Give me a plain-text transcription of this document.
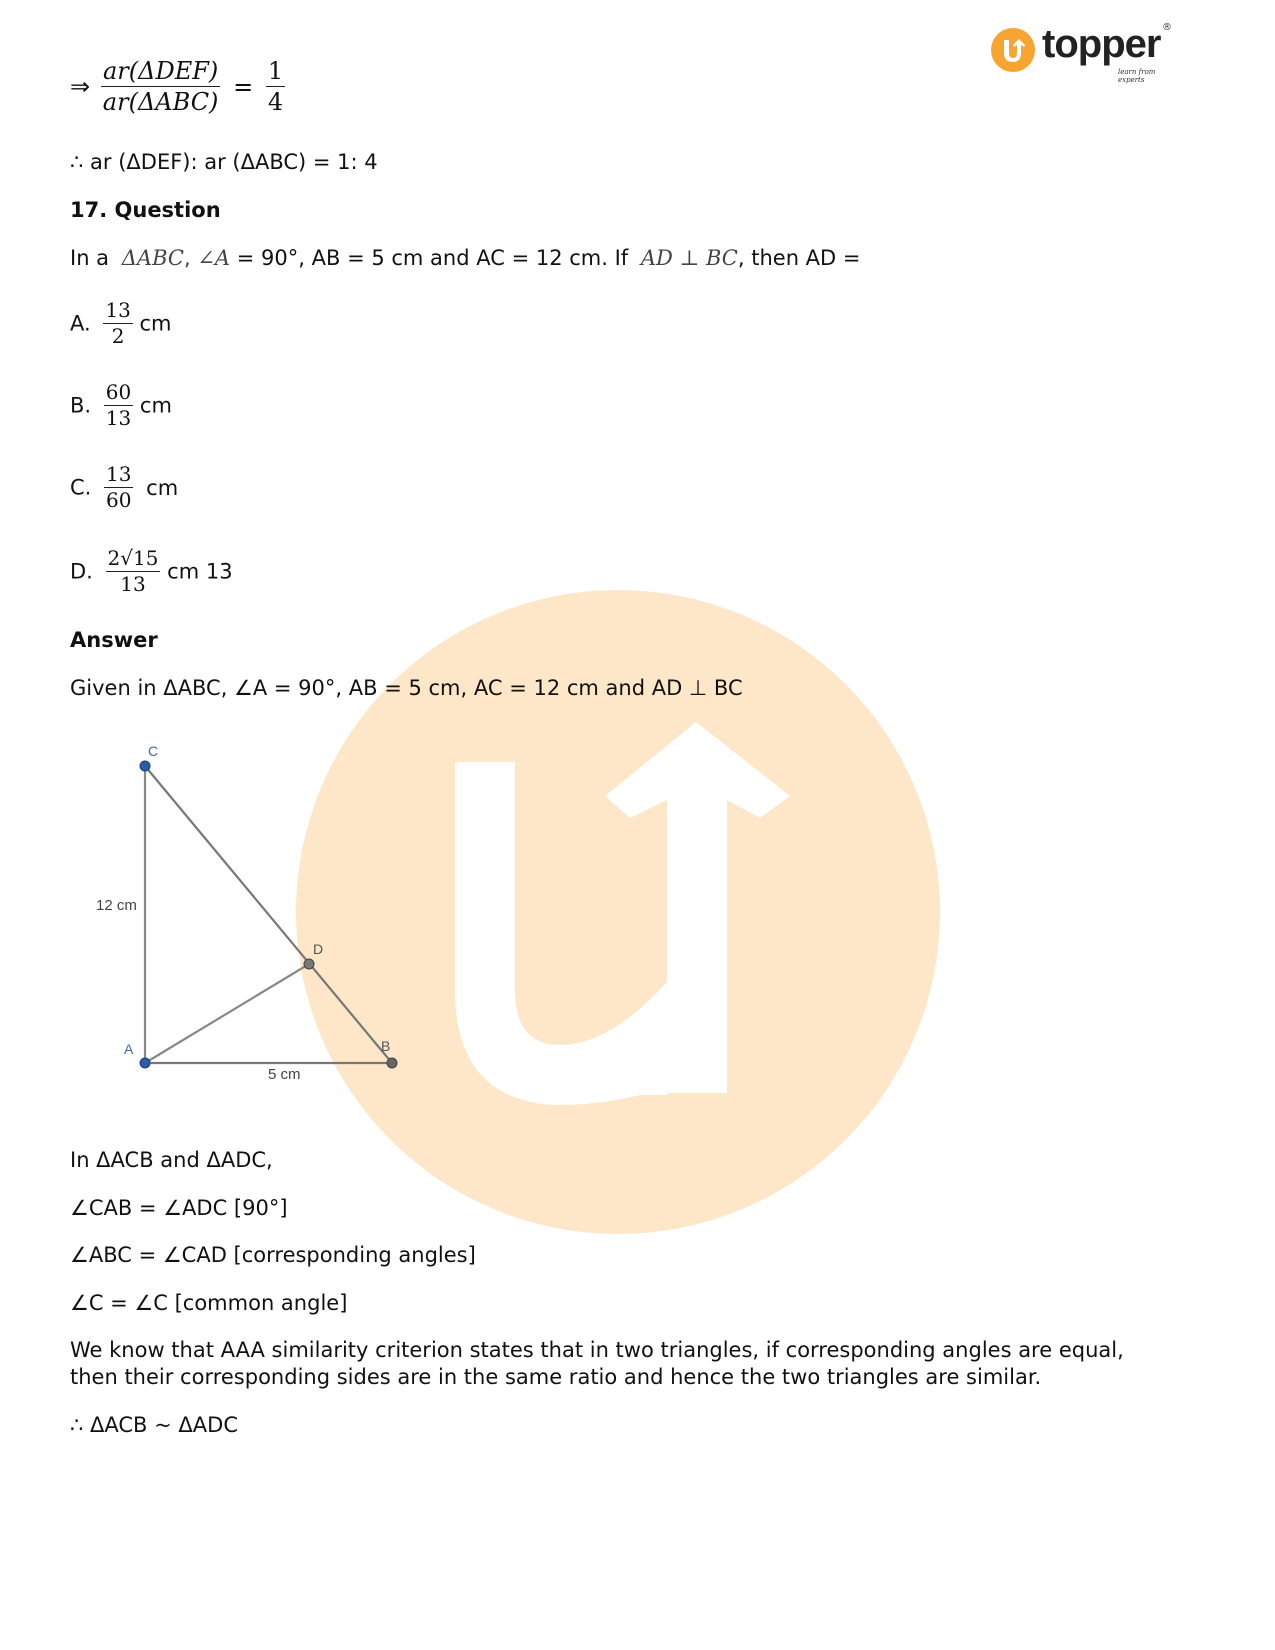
topper ®
learn from experts
⇒ $\frac{\text{ar(ΔDEF)}}{\text{ar(ΔABC)}} = \frac{1}{4}$
∴ ar (ΔDEF): ar (ΔABC) = 1: 4
17. Question
In a ΔABC, ∠A = 90°, AB = 5 cm and AC = 12 cm. If AD ⊥ BC, then AD =
A. $\frac{13}{2}$ cm
B. $\frac{60}{13}$ cm
C. $\frac{13}{60}$ cm
D. $\frac{2√15}{13}$ cm 13
Answer
Given in ΔABC, ∠A = 90°, AB = 5 cm, AC = 12 cm and AD ⊥ BC
C
A	B
D
12 cm
5 cm
In ΔACB and ΔADC,
∠CAB = ∠ADC [90°]
∠ABC = ∠CAD [corresponding angles]
∠C = ∠C [common angle]
We know that AAA similarity criterion states that in two triangles, if corresponding angles are equal,
then their corresponding sides are in the same ratio and hence the two triangles are similar.
∴ ΔACB ~ ΔADC
